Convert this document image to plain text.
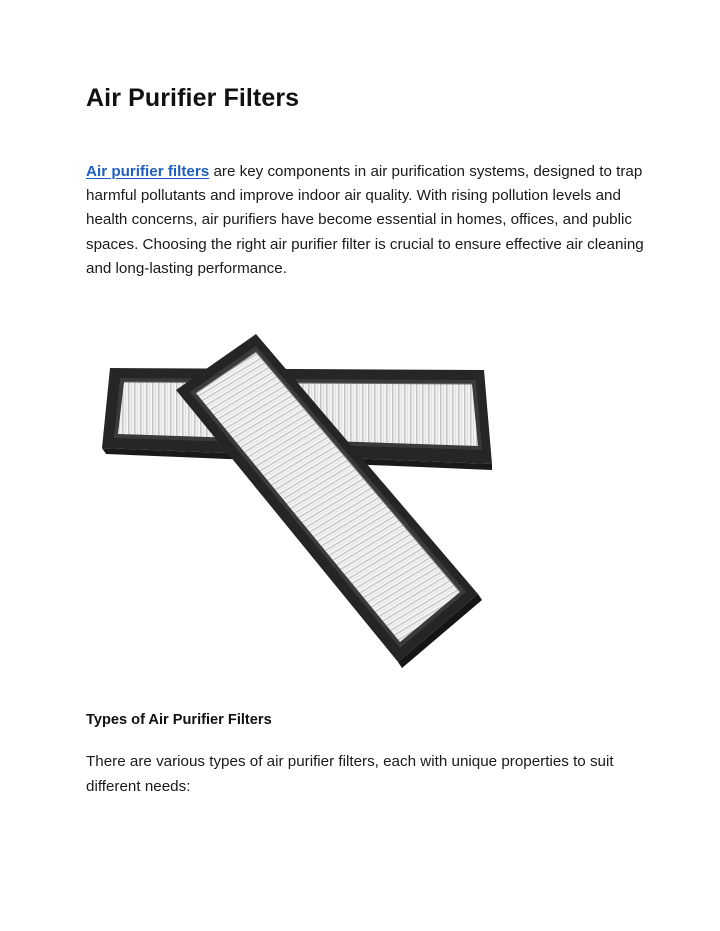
Air Purifier Filters

Air purifier filters are key components in air purification systems, designed to trap harmful pollutants and improve indoor air quality. With rising pollution levels and health concerns, air purifiers have become essential in homes, offices, and public spaces. Choosing the right air purifier filter is crucial to ensure effective air cleaning and long-lasting performance.

Types of Air Purifier Filters

There are various types of air purifier filters, each with unique properties to suit different needs:
